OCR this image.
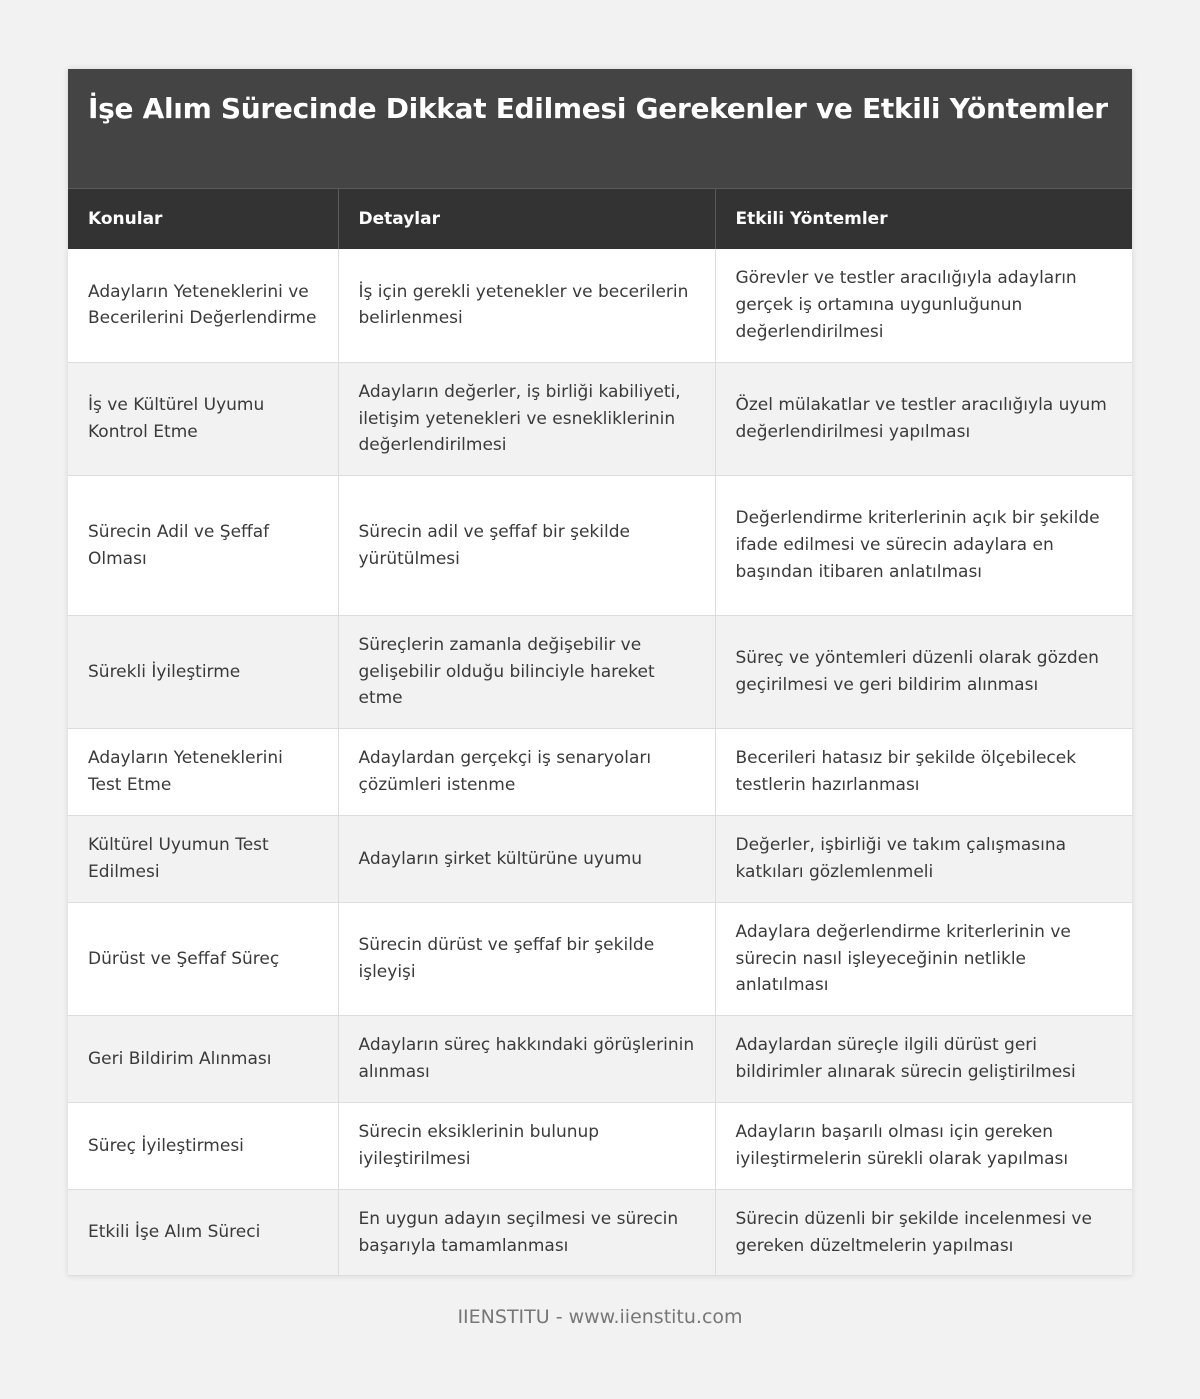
İşe Alım Sürecinde Dikkat Edilmesi Gerekenler ve Etkili Yöntemler
Konular	Detaylar	Etkili Yöntemler
Adayların Yeteneklerini ve Becerilerini Değerlendirme	İş için gerekli yetenekler ve becerilerin belirlenmesi	Görevler ve testler aracılığıyla adayların gerçek iş ortamına uygunluğunun değerlendirilmesi
İş ve Kültürel Uyumu Kontrol Etme	Adayların değerler, iş birliği kabiliyeti, iletişim yetenekleri ve esnekliklerinin değerlendirilmesi	Özel mülakatlar ve testler aracılığıyla uyum değerlendirilmesi yapılması
Sürecin Adil ve Şeffaf Olması	Sürecin adil ve şeffaf bir şekilde yürütülmesi	Değerlendirme kriterlerinin açık bir şekilde ifade edilmesi ve sürecin adaylara en başından itibaren anlatılması
Sürekli İyileştirme	Süreçlerin zamanla değişebilir ve gelişebilir olduğu bilinciyle hareket etme	Süreç ve yöntemleri düzenli olarak gözden geçirilmesi ve geri bildirim alınması
Adayların Yeteneklerini Test Etme	Adaylardan gerçekçi iş senaryoları çözümleri istenme	Becerileri hatasız bir şekilde ölçebilecek testlerin hazırlanması
Kültürel Uyumun Test Edilmesi	Adayların şirket kültürüne uyumu	Değerler, işbirliği ve takım çalışmasına katkıları gözlemlenmeli
Dürüst ve Şeffaf Süreç	Sürecin dürüst ve şeffaf bir şekilde işleyişi	Adaylara değerlendirme kriterlerinin ve sürecin nasıl işleyeceğinin netlikle anlatılması
Geri Bildirim Alınması	Adayların süreç hakkındaki görüşlerinin alınması	Adaylardan süreçle ilgili dürüst geri bildirimler alınarak sürecin geliştirilmesi
Süreç İyileştirmesi	Sürecin eksiklerinin bulunup iyileştirilmesi	Adayların başarılı olması için gereken iyileştirmelerin sürekli olarak yapılması
Etkili İşe Alım Süreci	En uygun adayın seçilmesi ve sürecin başarıyla tamamlanması	Sürecin düzenli bir şekilde incelenmesi ve gereken düzeltmelerin yapılması
IIENSTITU - www.iienstitu.com
